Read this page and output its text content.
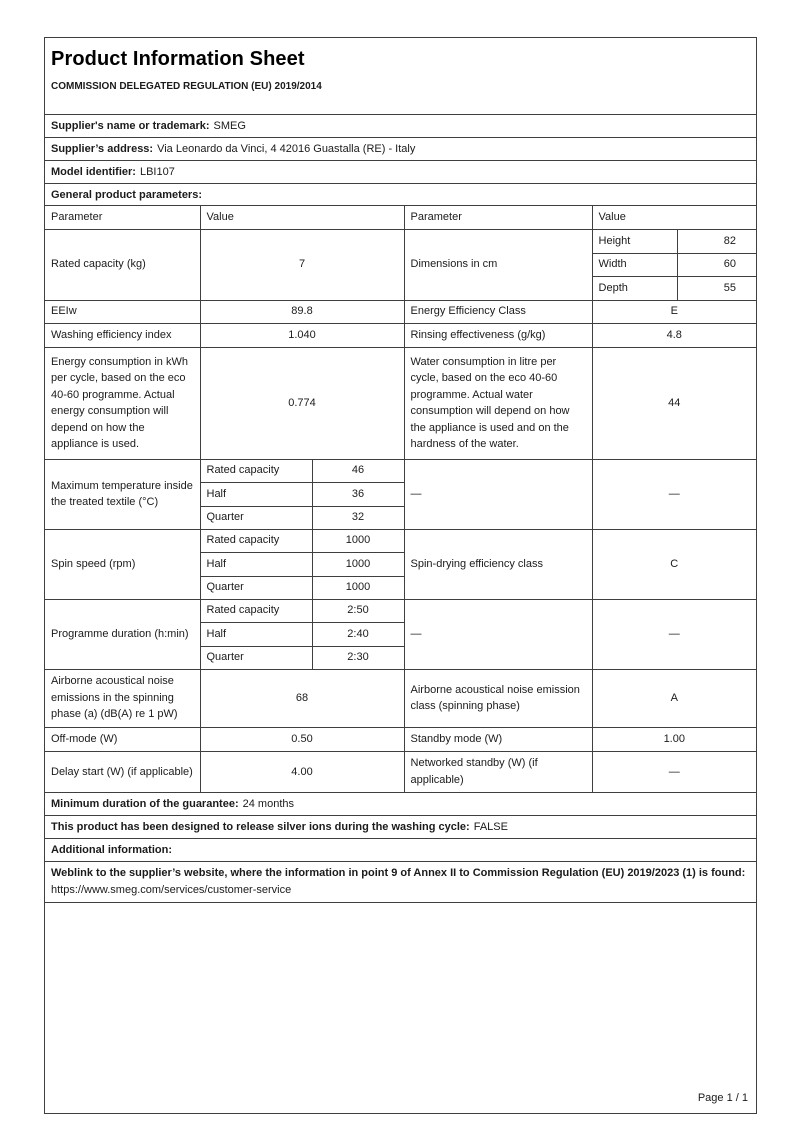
Product Information Sheet
COMMISSION DELEGATED REGULATION (EU) 2019/2014
Supplier's name or trademark: SMEG
Supplier’s address: Via Leonardo da Vinci, 4 42016 Guastalla (RE) - Italy
Model identifier: LBI107
General product parameters:
Parameter	Value		Parameter	Value	
Rated capacity (kg)	7		Dimensions in cm	Height	82
				Width	60
				Depth	55
EEIw	89.8		Energy Efficiency Class	E	
Washing efficiency index	1.040		Rinsing effectiveness (g/kg)	4.8	
Energy consumption in kWh per cycle, based on the eco 40-60 programme. Actual energy consumption will depend on how the appliance is used.	0.774		Water consumption in litre per cycle, based on the eco 40-60 programme. Actual water consumption will depend on how the appliance is used and on the hardness of the water.	44	
Maximum temperature inside the treated textile (°C)	Rated capacity	46	—	—	
	Half	36			
	Quarter	32			
Spin speed (rpm)	Rated capacity	1000	Spin-drying efficiency class	C	
	Half	1000			
	Quarter	1000			
Programme duration (h:min)	Rated capacity	2:50	—	—	
	Half	2:40			
	Quarter	2:30			
Airborne acoustical noise emissions in the spinning phase (a) (dB(A) re 1 pW)	68		Airborne acoustical noise emission class (spinning phase)	A	
Off-mode (W)	0.50		Standby mode (W)	1.00	
Delay start (W) (if applicable)	4.00		Networked standby (W) (if applicable)	—	
Minimum duration of the guarantee: 24 months
This product has been designed to release silver ions during the washing cycle: FALSE
Additional information:
Weblink to the supplier’s website, where the information in point 9 of Annex II to Commission Regulation (EU) 2019/2023 (1) is found:
https://www.smeg.com/services/customer-service
Page 1 / 1
